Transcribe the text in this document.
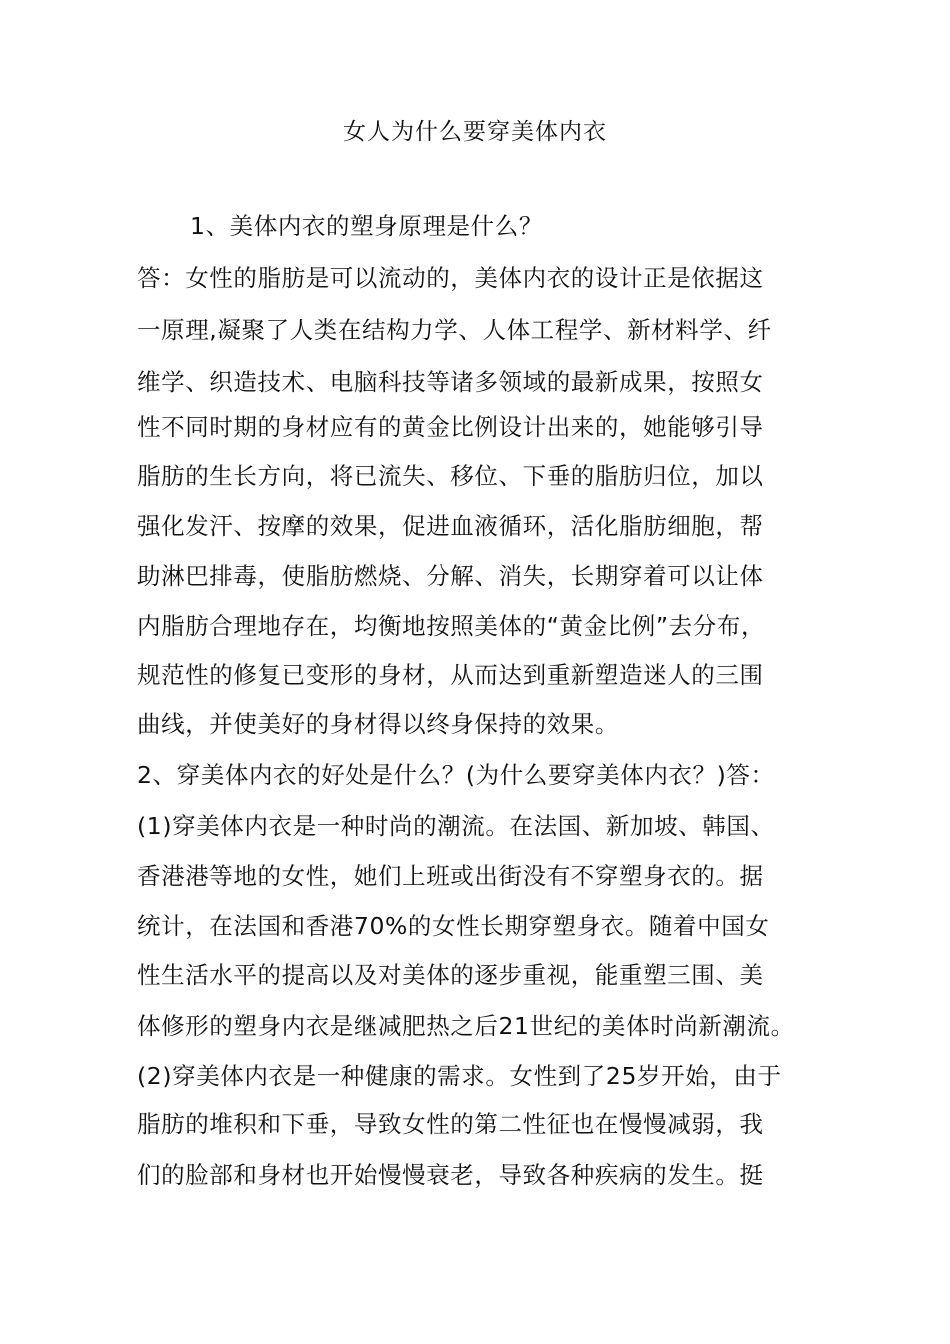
女人为什么要穿美体内衣
1、美体内衣的塑身原理是什么？
答：女性的脂肪是可以流动的，美体内衣的设计正是依据这
一原理,凝聚了人类在结构力学、人体工程学、新材料学、纤
维学、织造技术、电脑科技等诸多领域的最新成果，按照女
性不同时期的身材应有的黄金比例设计出来的，她能够引导
脂肪的生长方向，将已流失、移位、下垂的脂肪归位，加以
强化发汗、按摩的效果，促进血液循环，活化脂肪细胞，帮
助淋巴排毒，使脂肪燃烧、分解、消失，长期穿着可以让体
内脂肪合理地存在，均衡地按照美体的“黄金比例”去分布，
规范性的修复已变形的身材，从而达到重新塑造迷人的三围
曲线，并使美好的身材得以终身保持的效果。
2、穿美体内衣的好处是什么？(为什么要穿美体内衣？)答：
(1)穿美体内衣是一种时尚的潮流。在法国、新加坡、韩国、
香港港等地的女性，她们上班或出街没有不穿塑身衣的。据
统计，在法国和香港70%的女性长期穿塑身衣。随着中国女
性生活水平的提高以及对美体的逐步重视，能重塑三围、美
体修形的塑身内衣是继减肥热之后21世纪的美体时尚新潮流。
(2)穿美体内衣是一种健康的需求。女性到了25岁开始，由于
脂肪的堆积和下垂，导致女性的第二性征也在慢慢减弱，我
们的脸部和身材也开始慢慢衰老，导致各种疾病的发生。挺
